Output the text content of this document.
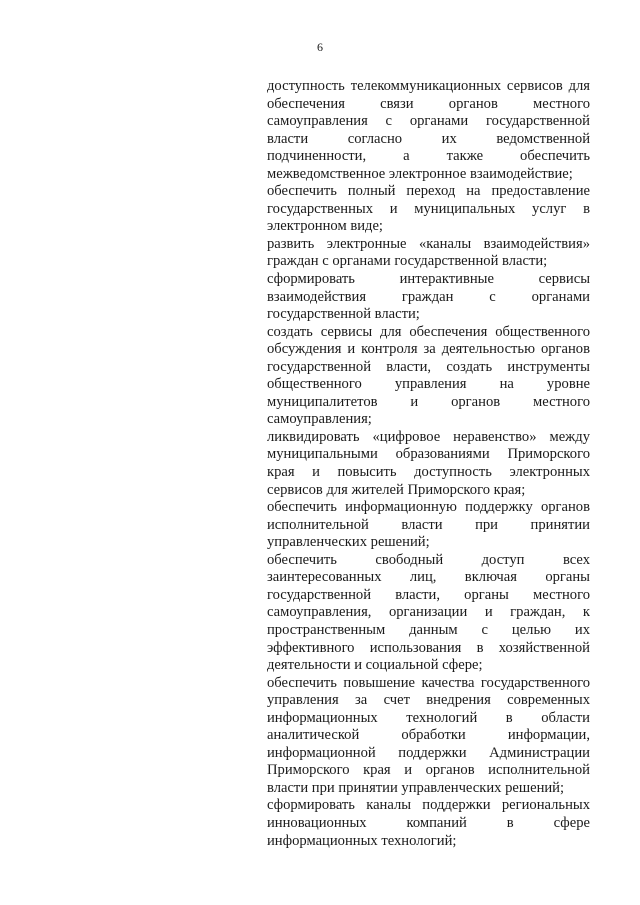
6
доступность телекоммуникационных сервисов для
обеспечения связи органов местного
самоуправления с органами государственной
власти согласно их ведомственной
подчиненности, а также обеспечить
межведомственное электронное взаимодействие;
обеспечить полный переход на предоставление
государственных и муниципальных услуг в
электронном виде;
развить электронные «каналы взаимодействия»
граждан с органами государственной власти;
сформировать интерактивные сервисы
взаимодействия граждан с органами
государственной власти;
создать сервисы для обеспечения общественного
обсуждения и контроля за деятельностью органов
государственной власти, создать инструменты
общественного управления на уровне
муниципалитетов и органов местного
самоуправления;
ликвидировать «цифровое неравенство» между
муниципальными образованиями Приморского
края и повысить доступность электронных
сервисов для жителей Приморского края;
обеспечить информационную поддержку органов
исполнительной власти при принятии
управленческих решений;
обеспечить свободный доступ всех
заинтересованных лиц, включая органы
государственной власти, органы местного
самоуправления, организации и граждан, к
пространственным данным с целью их
эффективного использования в хозяйственной
деятельности и социальной сфере;
обеспечить повышение качества государственного
управления за счет внедрения современных
информационных технологий в области
аналитической обработки информации,
информационной поддержки Администрации
Приморского края и органов исполнительной
власти при принятии управленческих решений;
сформировать каналы поддержки региональных
инновационных компаний в сфере
информационных технологий;
